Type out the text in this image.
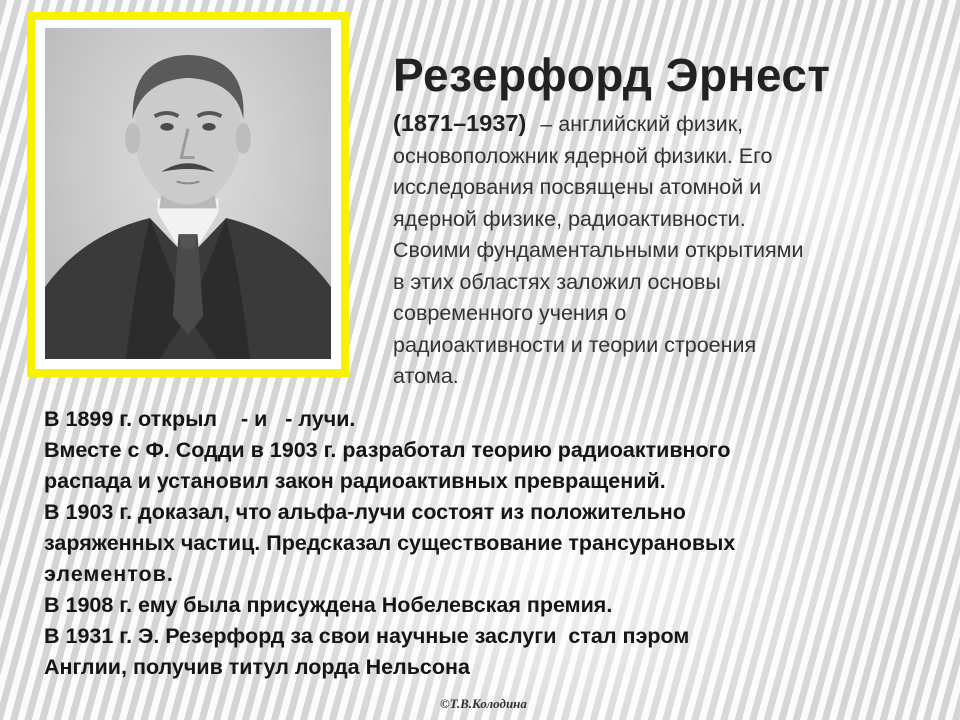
Резерфорд Эрнест
(1871–1937) – английский физик,
основоположник ядерной физики. Его
исследования посвящены атомной и
ядерной физике, радиоактивности.
Своими фундаментальными открытиями
в этих областях заложил основы
современного учения о
радиоактивности и теории строения
атома.
В 1899 г. открыл    - и   - лучи.
Вместе с Ф. Содди в 1903 г. разработал теорию радиоактивного
распада и установил закон радиоактивных превращений.
В 1903 г. доказал, что альфа-лучи состоят из положительно
заряженных частиц. Предсказал существование трансурановых
элементов.
В 1908 г. ему была присуждена Нобелевская премия.
В 1931 г. Э. Резерфорд за свои научные заслуги  стал пэром
Англии, получив титул лорда Нельсона
©Т.В.Колодина
